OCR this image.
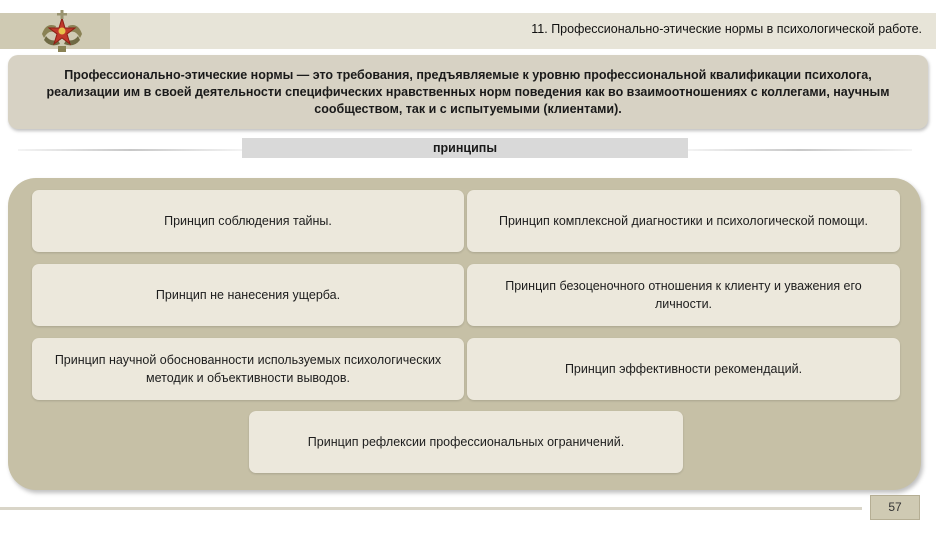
11. Профессионально-этические нормы в психологической работе.
Профессионально-этические нормы — это требования, предъявляемые к уровню профессиональной квалификации психолога, реализации им в своей деятельности специфических нравственных норм поведения как во взаимоотношениях с коллегами, научным сообществом, так и с испытуемыми (клиентами).
принципы
Принцип соблюдения тайны.	Принцип комплексной диагностики и психологической помощи.
Принцип не нанесения ущерба.
Принцип безоценочного отношения к клиенту и уважения его личности.
Принцип научной обоснованности используемых психологических методик и объективности выводов.
Принцип эффективности рекомендаций.
Принцип рефлексии профессиональных ограничений.
57
